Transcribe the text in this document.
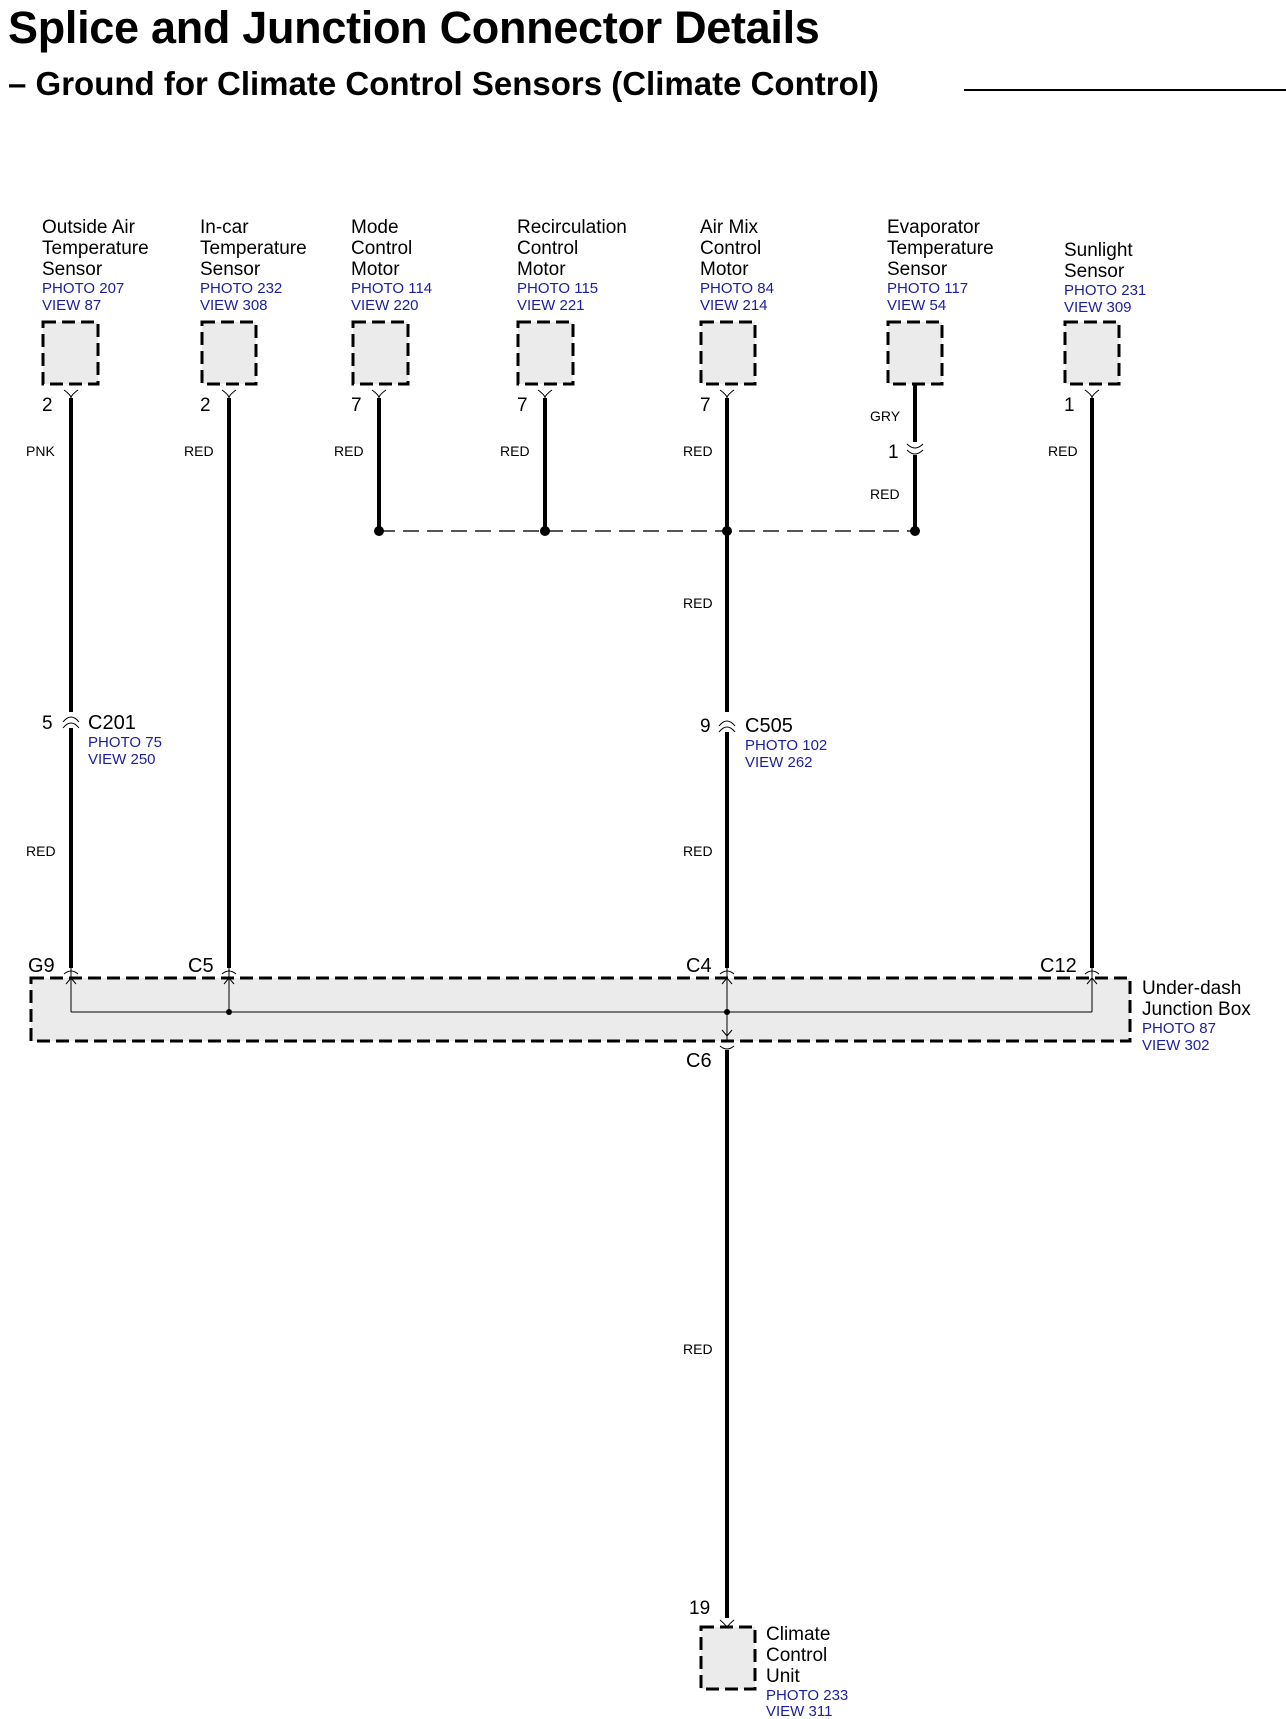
Splice and Junction Connector Details
– Ground for Climate Control Sensors (Climate Control)
Outside Air
Temperature
Sensor
PHOTO 207
VIEW 87
2
PNK
5 C201
PHOTO 75
VIEW 250
RED
In-car
Temperature
Sensor
PHOTO 232
VIEW 308
2
RED
Mode
Control
Motor
PHOTO 114
VIEW 220
7
RED
Recirculation
Control
Motor
PHOTO 115
VIEW 221
7
RED
Air Mix
Control
Motor
PHOTO 84
VIEW 214
7
RED
Evaporator
Temperature
Sensor
PHOTO 117
VIEW 54
GRY
1
RED
Sunlight
Sensor
PHOTO 231
VIEW 309
1
RED
RED
9 C505
PHOTO 102
VIEW 262
RED
Under-dash
Junction Box
PHOTO 87
VIEW 302
G9	C5	C4	C12
C6
RED
19
Climate
Control
Unit
PHOTO 233
VIEW 311
